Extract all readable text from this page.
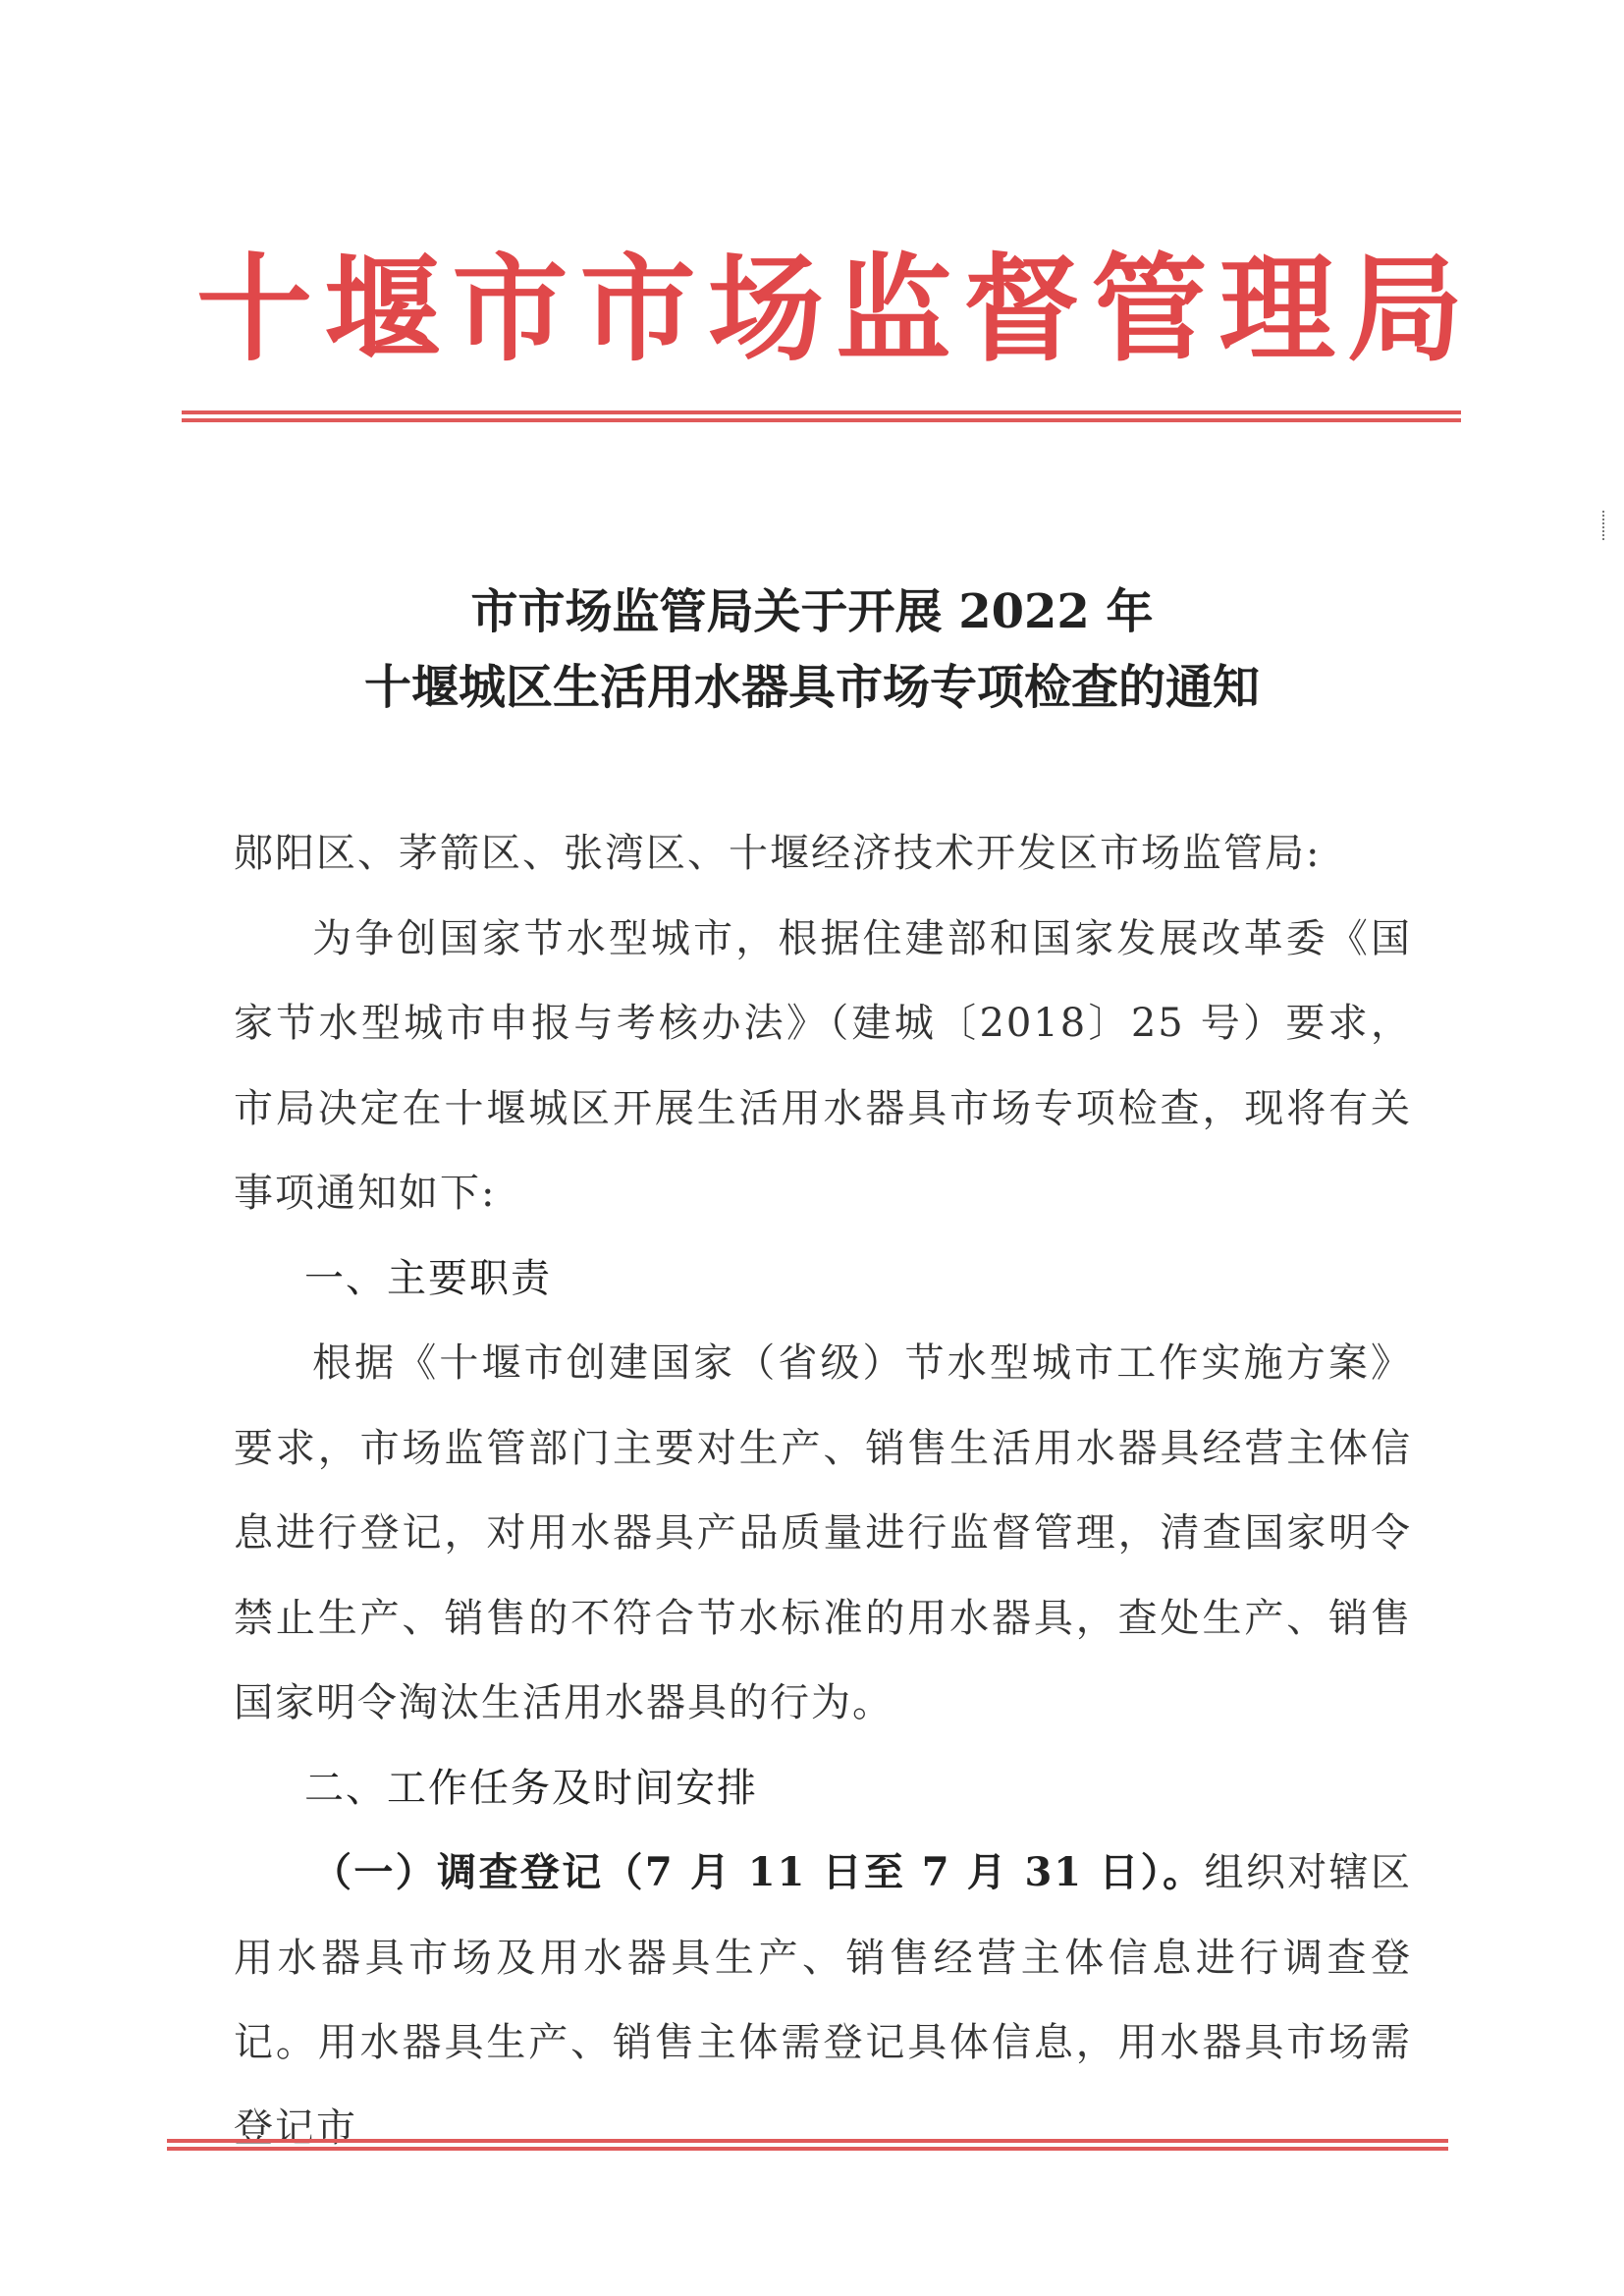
十 堰 市 市 场 监 督 管 理 局
市市场监管局关于开展 2022 年
十堰城区生活用水器具市场专项检查的通知

郧阳区、茅箭区、张湾区、十堰经济技术开发区市场监管局:

为争创国家节水型城市，根据住建部和国家发展改革委《国家节水型城市申报与考核办法》（建城〔2018〕25 号）要求，市局决定在十堰城区开展生活用水器具市场专项检查，现将有关事项通知如下:

一、主要职责

根据《十堰市创建国家（省级）节水型城市工作实施方案》要求，市场监管部门主要对生产、销售生活用水器具经营主体信息进行登记，对用水器具产品质量进行监督管理，清查国家明令禁止生产、销售的不符合节水标准的用水器具，查处生产、销售国家明令淘汰生活用水器具的行为。

二、工作任务及时间安排

（一）调查登记（7 月 11 日至 7 月 31 日）。组织对辖区用水器具市场及用水器具生产、销售经营主体信息进行调查登记。用水器具生产、销售主体需登记具体信息，用水器具市场需登记市
